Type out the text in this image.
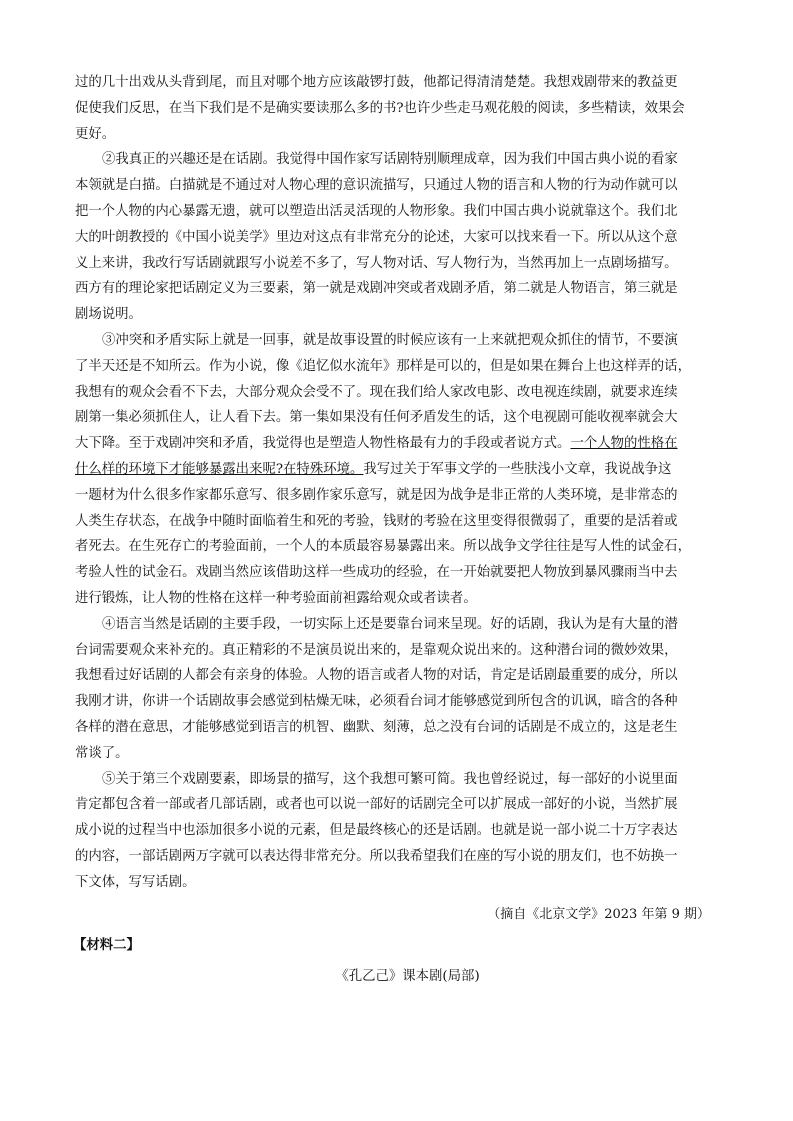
过的几十出戏从头背到尾，而且对哪个地方应该敲锣打鼓，他都记得清清楚楚。我想戏剧带来的教益更
促使我们反思，在当下我们是不是确实要读那么多的书?也许少些走马观花般的阅读，多些精读，效果会
更好。
②我真正的兴趣还是在话剧。我觉得中国作家写话剧特别顺理成章，因为我们中国古典小说的看家
本领就是白描。白描就是不通过对人物心理的意识流描写，只通过人物的语言和人物的行为动作就可以
把一个人物的内心暴露无遗，就可以塑造出活灵活现的人物形象。我们中国古典小说就靠这个。我们北
大的叶朗教授的《中国小说美学》里边对这点有非常充分的论述，大家可以找来看一下。所以从这个意
义上来讲，我改行写话剧就跟写小说差不多了，写人物对话、写人物行为，当然再加上一点剧场描写。
西方有的理论家把话剧定义为三要素，第一就是戏剧冲突或者戏剧矛盾，第二就是人物语言，第三就是
剧场说明。
③冲突和矛盾实际上就是一回事，就是故事设置的时候应该有一上来就把观众抓住的情节，不要演
了半天还是不知所云。作为小说，像《追忆似水流年》那样是可以的，但是如果在舞台上也这样弄的话，
我想有的观众会看不下去，大部分观众会受不了。现在我们给人家改电影、改电视连续剧，就要求连续
剧第一集必须抓住人，让人看下去。第一集如果没有任何矛盾发生的话，这个电视剧可能收视率就会大
大下降。至于戏剧冲突和矛盾，我觉得也是塑造人物性格最有力的手段或者说方式。一个人物的性格在
什么样的环境下才能够暴露出来呢?在特殊环境。我写过关于军事文学的一些肤浅小文章，我说战争这
一题材为什么很多作家都乐意写、很多剧作家乐意写，就是因为战争是非正常的人类环境，是非常态的
人类生存状态，在战争中随时面临着生和死的考验，钱财的考验在这里变得很微弱了，重要的是活着或
者死去。在生死存亡的考验面前，一个人的本质最容易暴露出来。所以战争文学往往是写人性的试金石，
考验人性的试金石。戏剧当然应该借助这样一些成功的经验，在一开始就要把人物放到暴风骤雨当中去
进行锻炼，让人物的性格在这样一种考验面前袒露给观众或者读者。
④语言当然是话剧的主要手段，一切实际上还是要靠台词来呈现。好的话剧，我认为是有大量的潜
台词需要观众来补充的。真正精彩的不是演员说出来的，是靠观众说出来的。这种潜台词的微妙效果，
我想看过好话剧的人都会有亲身的体验。人物的语言或者人物的对话，肯定是话剧最重要的成分，所以
我刚才讲，你讲一个话剧故事会感觉到枯燥无味，必须看台词才能够感觉到所包含的讥讽，暗含的各种
各样的潜在意思，才能够感觉到语言的机智、幽默、刻薄，总之没有台词的话剧是不成立的，这是老生
常谈了。
⑤关于第三个戏剧要素，即场景的描写，这个我想可繁可简。我也曾经说过，每一部好的小说里面
肯定都包含着一部或者几部话剧，或者也可以说一部好的话剧完全可以扩展成一部好的小说，当然扩展
成小说的过程当中也添加很多小说的元素，但是最终核心的还是话剧。也就是说一部小说二十万字表达
的内容，一部话剧两万字就可以表达得非常充分。所以我希望我们在座的写小说的朋友们，也不妨换一
下文体，写写话剧。
（摘自《北京文学》2023 年第 9 期）
【材料二】
《孔乙己》课本剧(局部)
